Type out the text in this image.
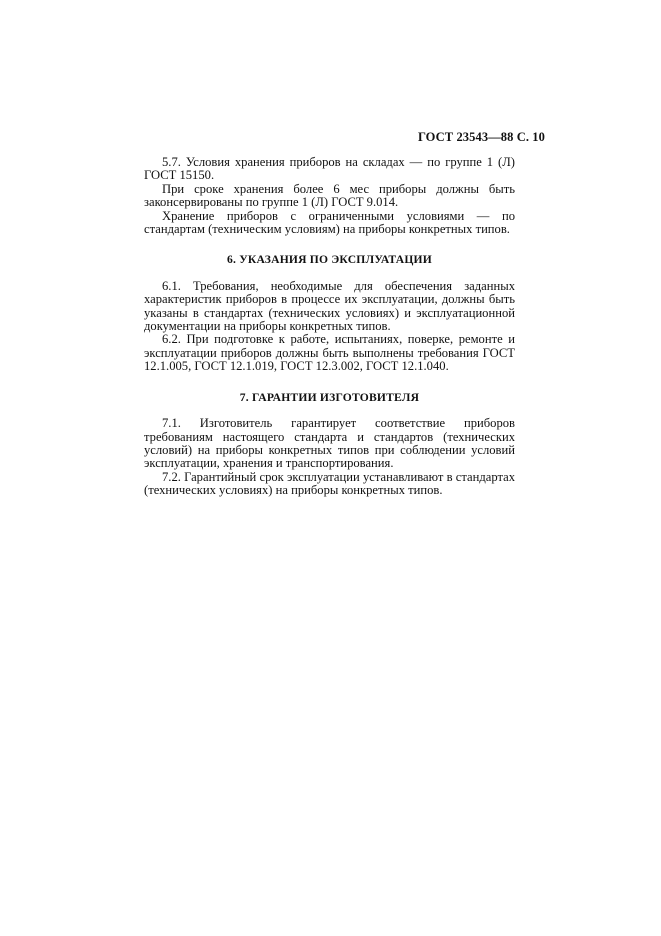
ГОСТ 23543—88 С. 10

5.7. Условия хранения приборов на складах — по группе 1 (Л) ГОСТ 15150.

При сроке хранения более 6 мес приборы должны быть законсервированы по группе 1 (Л) ГОСТ 9.014.

Хранение приборов с ограниченными условиями — по стандартам (техническим условиям) на приборы конкретных типов.

6. УКАЗАНИЯ ПО ЭКСПЛУАТАЦИИ

6.1. Требования, необходимые для обеспечения заданных характеристик приборов в процессе их эксплуатации, должны быть указаны в стандартах (технических условиях) и эксплуатационной документации на приборы конкретных типов.

6.2. При подготовке к работе, испытаниях, поверке, ремонте и эксплуатации приборов должны быть выполнены требования ГОСТ 12.1.005, ГОСТ 12.1.019, ГОСТ 12.3.002, ГОСТ 12.1.040.

7. ГАРАНТИИ ИЗГОТОВИТЕЛЯ

7.1. Изготовитель гарантирует соответствие приборов требованиям настоящего стандарта и стандартов (технических условий) на приборы конкретных типов при соблюдении условий эксплуатации, хранения и транспортирования.

7.2. Гарантийный срок эксплуатации устанавливают в стандартах (технических условиях) на приборы конкретных типов.
